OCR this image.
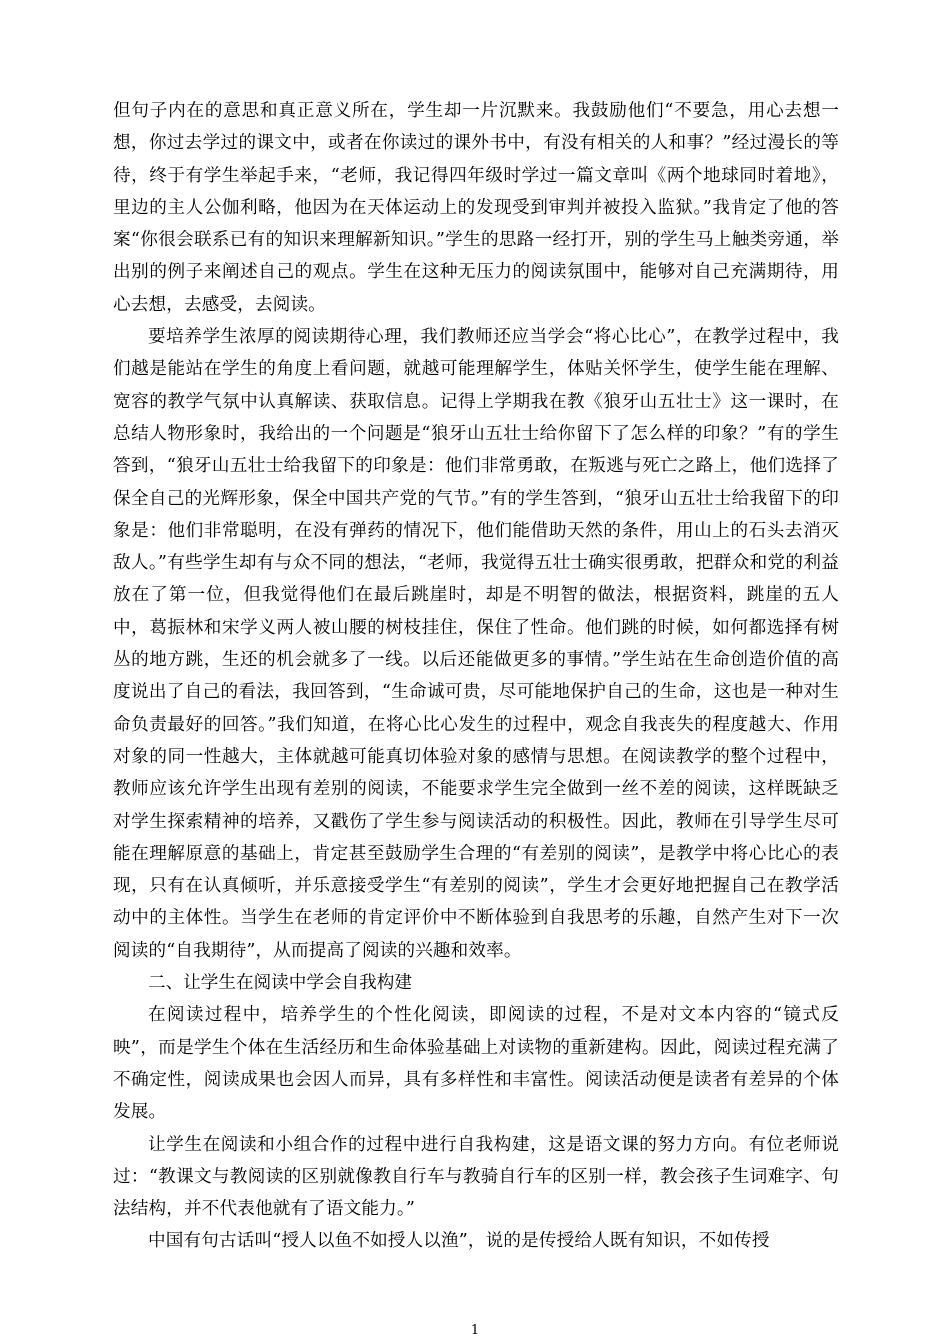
但句子内在的意思和真正意义所在，学生却一片沉默来。我鼓励他们“不要急，用心去想一想，你过去学过的课文中，或者在你读过的课外书中，有没有相关的人和事？”经过漫长的等待，终于有学生举起手来，“老师，我记得四年级时学过一篇文章叫《两个地球同时着地》，里边的主人公伽利略，他因为在天体运动上的发现受到审判并被投入监狱。”我肯定了他的答案“你很会联系已有的知识来理解新知识。”学生的思路一经打开，别的学生马上触类旁通，举出别的例子来阐述自己的观点。学生在这种无压力的阅读氛围中，能够对自己充满期待，用心去想，去感受，去阅读。

要培养学生浓厚的阅读期待心理，我们教师还应当学会“将心比心”，在教学过程中，我们越是能站在学生的角度上看问题，就越可能理解学生，体贴关怀学生，使学生能在理解、宽容的教学气氛中认真解读、获取信息。记得上学期我在教《狼牙山五壮士》这一课时，在总结人物形象时，我给出的一个问题是“狼牙山五壮士给你留下了怎么样的印象？”有的学生答到，“狼牙山五壮士给我留下的印象是：他们非常勇敢，在叛逃与死亡之路上，他们选择了保全自己的光辉形象，保全中国共产党的气节。”有的学生答到，“狼牙山五壮士给我留下的印象是：他们非常聪明，在没有弹药的情况下，他们能借助天然的条件，用山上的石头去消灭敌人。”有些学生却有与众不同的想法，“老师，我觉得五壮士确实很勇敢，把群众和党的利益放在了第一位，但我觉得他们在最后跳崖时，却是不明智的做法，根据资料，跳崖的五人中，葛振林和宋学义两人被山腰的树枝挂住，保住了性命。他们跳的时候，如何都选择有树丛的地方跳，生还的机会就多了一线。以后还能做更多的事情。”学生站在生命创造价值的高度说出了自己的看法，我回答到，“生命诚可贵，尽可能地保护自己的生命，这也是一种对生命负责最好的回答。”我们知道，在将心比心发生的过程中，观念自我丧失的程度越大、作用对象的同一性越大，主体就越可能真切体验对象的感情与思想。在阅读教学的整个过程中，教师应该允许学生出现有差别的阅读，不能要求学生完全做到一丝不差的阅读，这样既缺乏对学生探索精神的培养，又戳伤了学生参与阅读活动的积极性。因此，教师在引导学生尽可能在理解原意的基础上，肯定甚至鼓励学生合理的“有差别的阅读”，是教学中将心比心的表现，只有在认真倾听，并乐意接受学生“有差别的阅读”，学生才会更好地把握自己在教学活动中的主体性。当学生在老师的肯定评价中不断体验到自我思考的乐趣，自然产生对下一次阅读的“自我期待”，从而提高了阅读的兴趣和效率。

二、让学生在阅读中学会自我构建

在阅读过程中，培养学生的个性化阅读，即阅读的过程，不是对文本内容的“镜式反映”，而是学生个体在生活经历和生命体验基础上对读物的重新建构。因此，阅读过程充满了不确定性，阅读成果也会因人而异，具有多样性和丰富性。阅读活动便是读者有差异的个体发展。

让学生在阅读和小组合作的过程中进行自我构建，这是语文课的努力方向。有位老师说过：“教课文与教阅读的区别就像教自行车与教骑自行车的区别一样，教会孩子生词难字、句法结构，并不代表他就有了语文能力。”

中国有句古话叫“授人以鱼不如授人以渔”，说的是传授给人既有知识，不如传授

1
